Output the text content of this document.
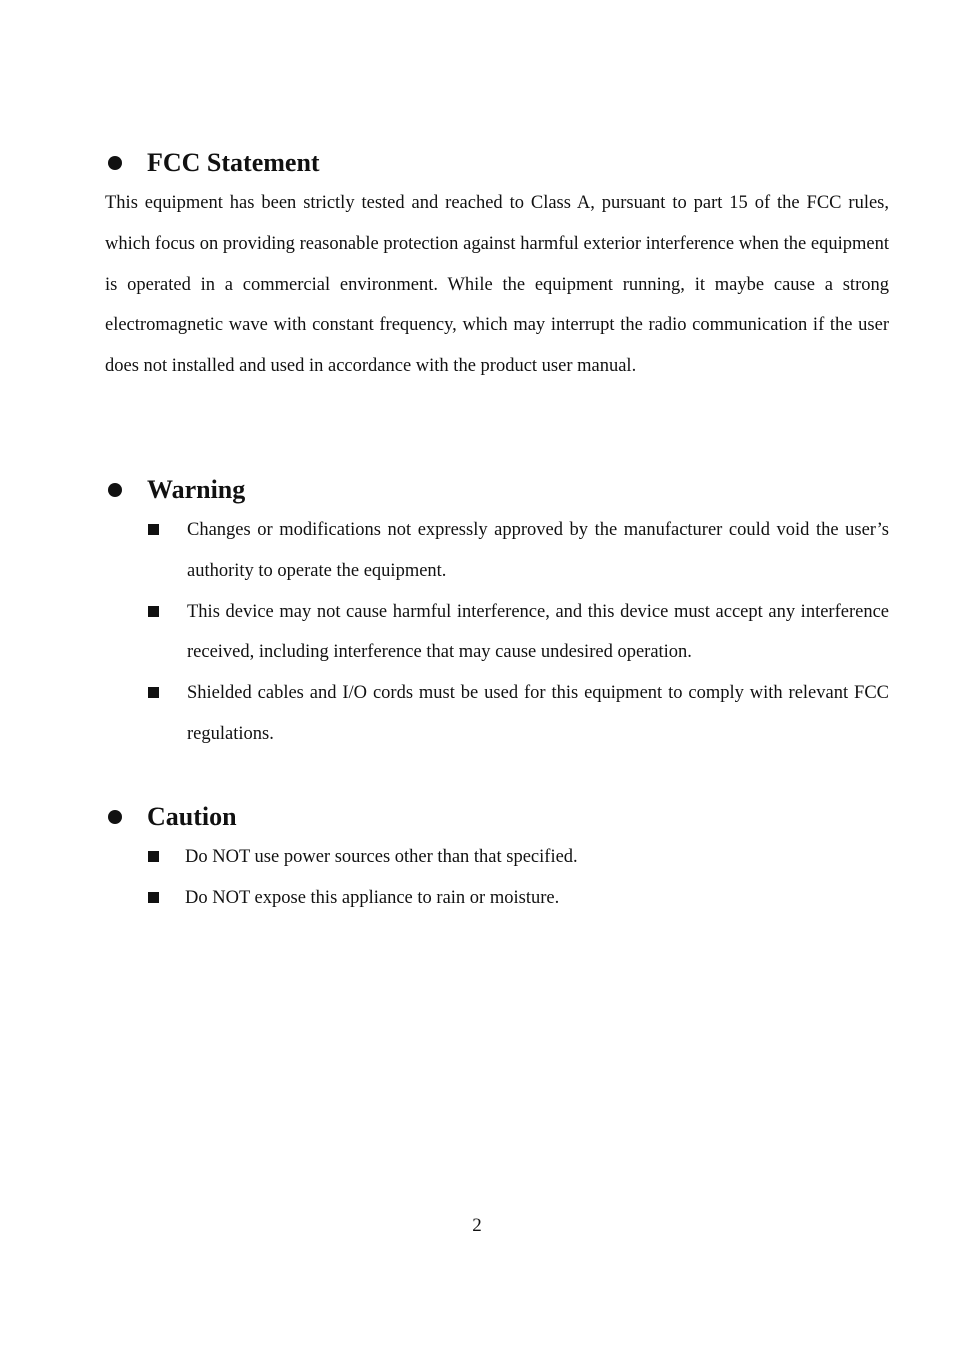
FCC Statement

This equipment has been strictly tested and reached to Class A, pursuant to part 15 of the FCC rules, which focus on providing reasonable protection against harmful exterior interference when the equipment is operated in a commercial environment. While the equipment running, it maybe cause a strong electromagnetic wave with constant frequency, which may interrupt the radio communication if the user does not installed and used in accordance with the product user manual.

Warning
Changes or modifications not expressly approved by the manufacturer could void the user’s authority to operate the equipment.
This device may not cause harmful interference, and this device must accept any interference received, including interference that may cause undesired operation.
Shielded cables and I/O cords must be used for this equipment to comply with relevant FCC regulations.
Caution
Do NOT use power sources other than that specified.
Do NOT expose this appliance to rain or moisture.
2
